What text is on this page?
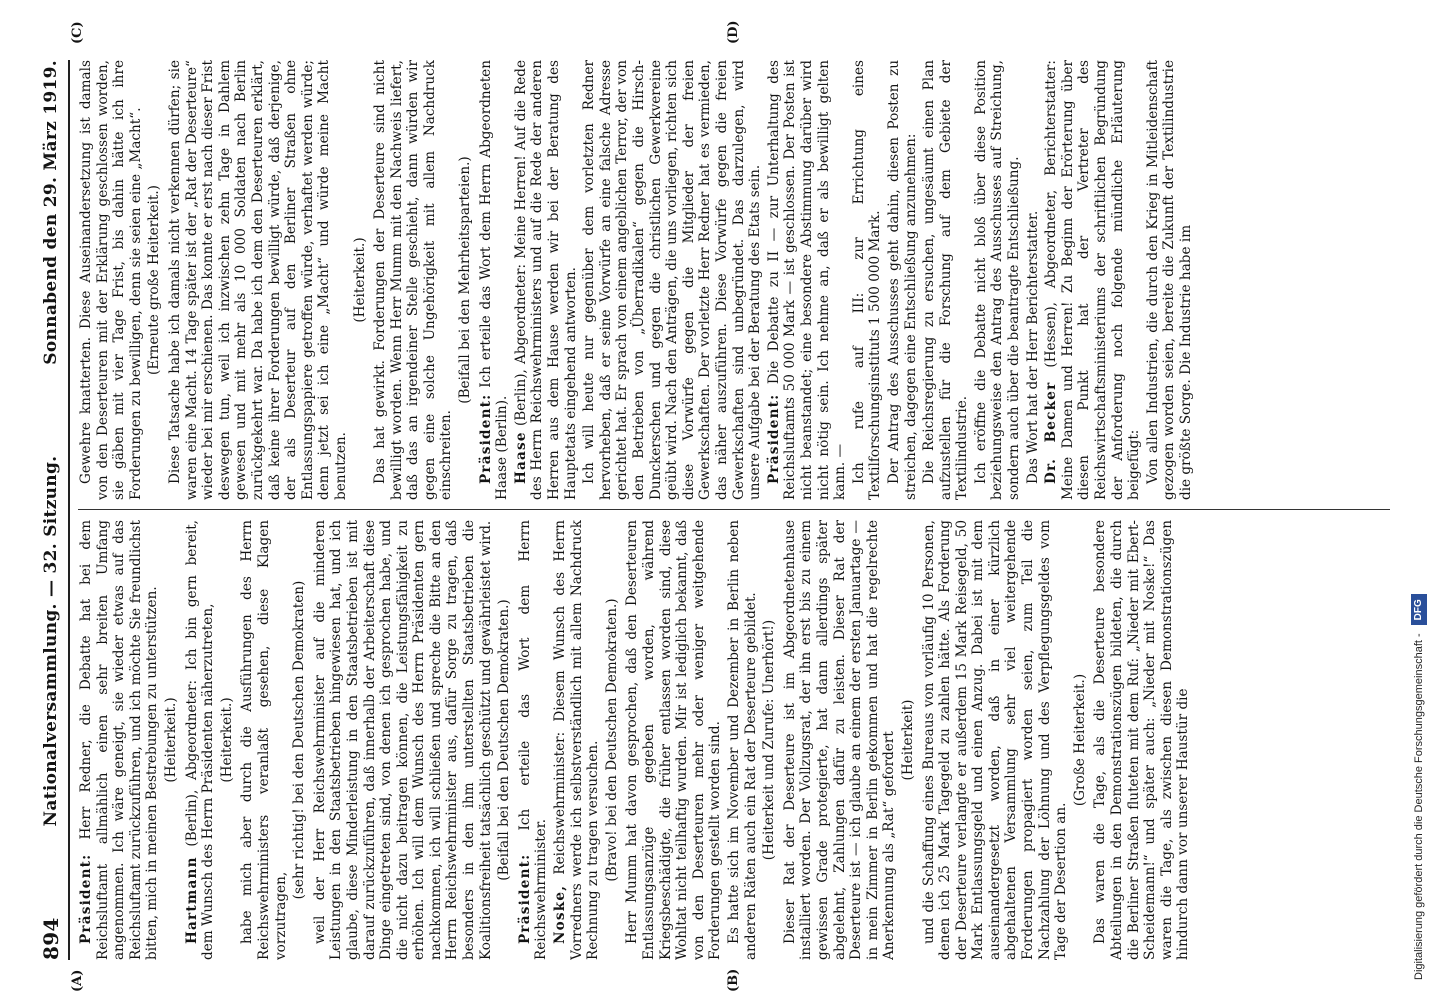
894
Nationalversammlung. — 32. Sitzung.
Sonnabend den 29. März 1919.
(A)	(B)
(C)	(D)

Präsident: Herr Redner, die Debatte hat bei dem Reichsluftamt allmählich einen sehr breiten Umfang angenommen. Ich wäre geneigt, sie wieder etwas auf das Reichsluftamt zurückzuführen, und ich möchte Sie freundlichst bitten, mich in meinen Bestrebungen zu unterstützen. (Heiterkeit.)

Hartmann (Berlin), Abgeordneter: Ich bin gern bereit, dem Wunsch des Herrn Präsidenten näherzutreten, (Heiterkeit.) habe mich aber durch die Ausführungen des Herrn Reichswehrministers veranlaßt gesehen, diese Klagen vorzutragen,

(sehr richtig! bei den Deutschen Demokraten) weil der Herr Reichswehrminister auf die minderen Leistungen in den Staatsbetrieben hingewiesen hat, und ich glaube, diese Minderleistung in den Staatsbetrieben ist mit darauf zurückzuführen, daß innerhalb der Arbeiterschaft diese Dinge eingetreten sind, von denen ich gesprochen habe, und die nicht dazu beitragen können, die Leistungsfähigkeit zu erhöhen. Ich will dem Wunsch des Herrn Präsidenten gern nachkommen, ich will schließen und spreche die Bitte an den Herrn Reichswehrminister aus, dafür Sorge zu tragen, daß besonders in den ihm unterstellten Staatsbetrieben die Koalitionsfreiheit tatsächlich geschützt und gewährleistet wird. (Beifall bei den Deutschen Demokraten.)

Präsident: Ich erteile das Wort dem Herrn Reichswehrminister. Noske, Reichswehrminister: Diesem Wunsch des Herrn Vorredners werde ich selbstverständlich mit allem Nachdruck Rechnung zu tragen versuchen. (Bravo! bei den Deutschen Demokraten.) Herr Mumm hat davon gesprochen, daß den Deserteuren Entlassungsanzüge gegeben worden, während Kriegsbeschädigte, die früher entlassen worden sind, diese Wohltat nicht teilhaftig wurden. Mir ist lediglich bekannt, daß von den Deserteuren mehr oder weniger weitgehende Forderungen gestellt worden sind. Es hatte sich im November und Dezember in Berlin neben anderen Räten auch ein Rat der Deserteure gebildet. (Heiterkeit und Zurufe: Unerhört!) Dieser Rat der Deserteure ist im Abgeordnetenhause installiert worden. Der Vollzugsrat, der ihn erst bis zu einem gewissen Grade protegierte, hat dann allerdings später abgelehnt, Zahlungen dafür zu leisten. Dieser Rat der Deserteure ist — ich glaube an einem der ersten Januartage — in mein Zimmer in Berlin gekommen und hat die regelrechte Anerkennung als „Rat“ gefordert (Heiterkeit) und die Schaffung eines Bureaus von vorläufig 10 Personen, denen ich 25 Mark Tagegeld zu zahlen hätte. Als Forderung der Deserteure verlangte er außerdem 15 Mark Reisegeld, 50 Mark Entlassungsgeld und einen Anzug. Dabei ist mit dem auseinandergesetzt worden, daß in einer kürzlich abgehaltenen Versammlung sehr viel weitergehende Forderungen propagiert worden seien, zum Teil die Nachzahlung der Löhnung und des Verpflegungsgeldes vom Tage der Desertion an.

(Große Heiterkeit.) Das waren die Tage, als die Deserteure besondere Abteilungen in den Demonstrationszügen bildeten, die durch die Berliner Straßen fluteten mit dem Ruf: „Nieder mit Ebert-Scheidemann!“ und später auch: „Nieder mit Noske!“ Das waren die Tage, als zwischen diesen Demonstrationszügen hindurch dann vor unserer Haustür die

Gewehre knatterten. Diese Auseinandersetzung ist damals von den Deserteuren mit der Erklärung geschlossen worden, sie gäben mit vier Tage Frist, bis dahin hätte ich ihre Forderungen zu bewilligen, denn sie seien eine „Macht“. (Erneute große Heiterkeit.) Diese Tatsache habe ich damals nicht verkennen dürfen; sie waren eine Macht. 14 Tage später ist der „Rat der Deserteure“ wieder bei mir erschienen. Das konnte er erst nach dieser Frist deswegen tun, weil ich inzwischen zehn Tage in Dahlem gewesen und mit mehr als 10 000 Soldaten nach Berlin zurückgekehrt war. Da habe ich dem den Deserteuren erklärt, daß keine ihrer Forderungen bewilligt würde, daß derjenige, der als Deserteur auf den Berliner Straßen ohne Entlassungspapiere getroffen würde, verhaftet werden würde; denn jetzt sei ich eine „Macht“ und würde meine Macht benutzen.

(Heiterkeit.) Das hat gewirkt. Forderungen der Deserteure sind nicht bewilligt worden. Wenn Herr Mumm mit den Nachweis liefert, daß das an irgendeiner Stelle geschieht, dann würden wir gegen eine solche Ungehörigkeit mit allem Nachdruck einschreiten.

(Beifall bei den Mehrheitsparteien.)

Präsident: Ich erteile das Wort dem Herrn Abgeordneten Haase (Berlin). Haase (Berlin), Abgeordneter: Meine Herren! Auf die Rede des Herrn Reichswehrministers und auf die Rede der anderen Herren aus dem Hause werden wir bei der Beratung des Hauptetats eingehend antworten. Ich will heute nur gegenüber dem vorletzten Redner hervorheben, daß er seine Vorwürfe an eine falsche Adresse gerichtet hat. Er sprach von einem angeblichen Terror, der von den Betrieben von „Überradikalen“ gegen die Hirsch-Dunckerschen und gegen die christlichen Gewerkvereine geübt wird. Nach den Anträgen, die uns vorliegen, richten sich diese Vorwürfe gegen die Mitglieder der freien Gewerkschaften. Der vorletzte Herr Redner hat es vermieden, das näher auszuführen. Diese Vorwürfe gegen die freien Gewerkschaften sind unbegründet. Das darzulegen, wird unsere Aufgabe bei der Beratung des Etats sein. Präsident: Die Debatte zu II — zur Unterhaltung des Reichsluftamts 50 000 Mark — ist geschlossen. Der Posten ist nicht beanstandet; eine besondere Abstimmung darüber wird nicht nötig sein. Ich nehme an, daß er als bewilligt gelten kann. — Ich rufe auf III: zur Errichtung eines Textilforschungsinstituts 1 500 000 Mark. Der Antrag des Ausschusses geht dahin, diesen Posten zu streichen, dagegen eine Entschließung anzunehmen: Die Reichsregierung zu ersuchen, ungesäumt einen Plan aufzustellen für die Forschung auf dem Gebiete der Textilindustrie. Ich eröffne die Debatte nicht bloß über diese Position beziehungsweise den Antrag des Ausschusses auf Streichung, sondern auch über die beantragte Entschließung. Das Wort hat der Herr Berichterstatter. Dr. Becker (Hessen), Abgeordneter, Berichterstatter: Meine Damen und Herren! Zu Beginn der Erörterung über diesen Punkt hat der Vertreter des Reichswirtschaftsministeriums der schriftlichen Begründung der Anforderung noch folgende mündliche Erläuterung beigefügt: Von allen Industrien, die durch den Krieg in Mitleidenschaft gezogen worden seien, bereite die Zukunft der Textilindustrie die größte Sorge. Die Industrie habe im

Digitalisierung gefördert durch die Deutsche Forschungsgemeinschaft -
DFG
